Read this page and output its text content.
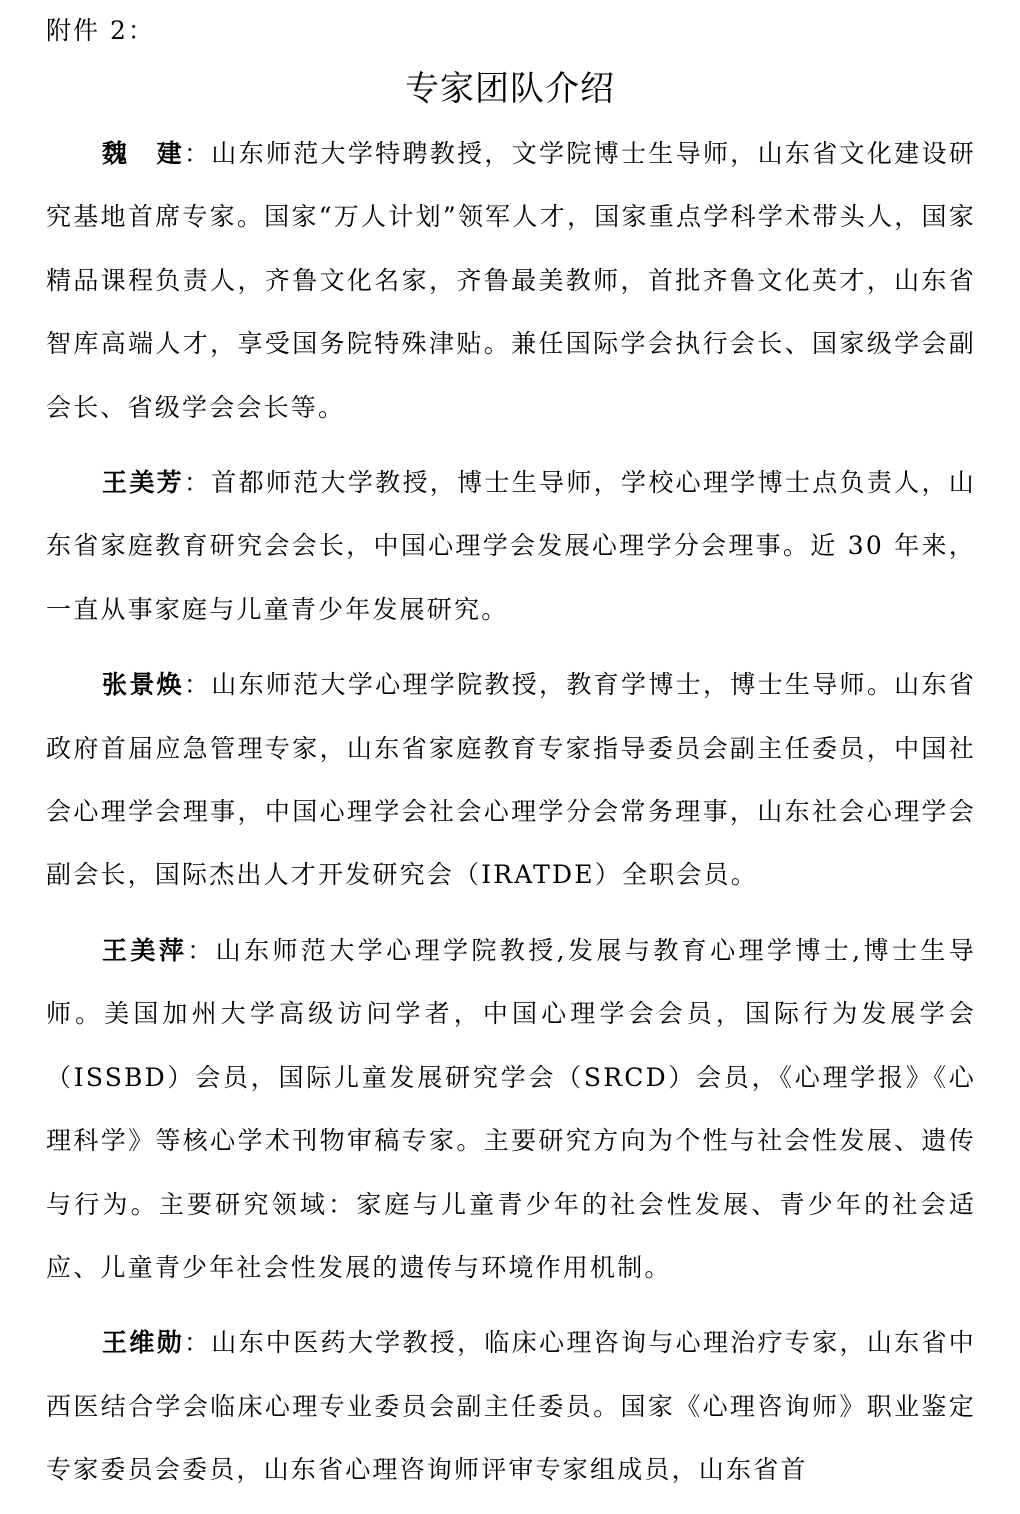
附件 2：

专家团队介绍

魏　建：山东师范大学特聘教授，文学院博士生导师，山东省文化建设研究基地首席专家。国家“万人计划”领军人才，国家重点学科学术带头人，国家精品课程负责人，齐鲁文化名家，齐鲁最美教师，首批齐鲁文化英才，山东省智库高端人才，享受国务院特殊津贴。兼任国际学会执行会长、国家级学会副会长、省级学会会长等。

王美芳：首都师范大学教授，博士生导师，学校心理学博士点负责人，山东省家庭教育研究会会长，中国心理学会发展心理学分会理事。近 30 年来，一直从事家庭与儿童青少年发展研究。

张景焕：山东师范大学心理学院教授，教育学博士，博士生导师。山东省政府首届应急管理专家，山东省家庭教育专家指导委员会副主任委员，中国社会心理学会理事，中国心理学会社会心理学分会常务理事，山东社会心理学会副会长，国际杰出人才开发研究会（IRATDE）全职会员。

王美萍：山东师范大学心理学院教授,发展与教育心理学博士,博士生导师。美国加州大学高级访问学者，中国心理学会会员，国际行为发展学会（ISSBD）会员，国际儿童发展研究学会（SRCD）会员，《心理学报》《心理科学》等核心学术刊物审稿专家。主要研究方向为个性与社会性发展、遗传与行为。主要研究领域：家庭与儿童青少年的社会性发展、青少年的社会适应、儿童青少年社会性发展的遗传与环境作用机制。

王维勋：山东中医药大学教授，临床心理咨询与心理治疗专家，山东省中西医结合学会临床心理专业委员会副主任委员。国家《心理咨询师》职业鉴定专家委员会委员，山东省心理咨询师评审专家组成员，山东省首
